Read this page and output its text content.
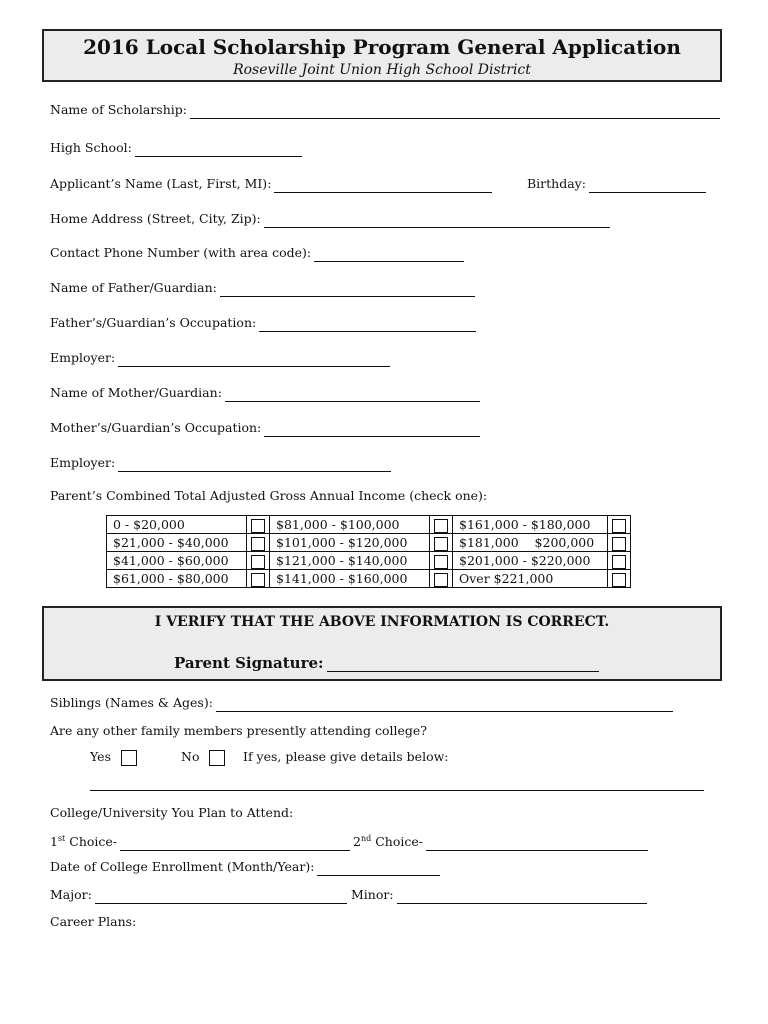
2016 Local Scholarship Program General Application
Roseville Joint Union High School District
Name of Scholarship:
High School:
Applicant’s Name (Last, First, MI):	Birthday:
Home Address (Street, City, Zip):
Contact Phone Number (with area code):
Name of Father/Guardian:
Father’s/Guardian’s Occupation:
Employer:
Name of Mother/Guardian:
Mother’s/Guardian’s Occupation:
Employer:
Parent’s Combined Total Adjusted Gross Annual Income (check one):
0 - $20,000		$81,000 - $100,000		$161,000 - $180,000	
$21,000 - $40,000		$101,000 - $120,000		$181,000    $200,000	
$41,000 - $60,000		$121,000 - $140,000		$201,000 - $220,000	
$61,000 - $80,000		$141,000 - $160,000		Over $221,000	
I VERIFY THAT THE ABOVE INFORMATION IS CORRECT.
Parent Signature:
Siblings (Names & Ages):
Are any other family members presently attending college?
Yes	No	If yes, please give details below:
College/University You Plan to Attend:
1st Choice-	2nd Choice-
Date of College Enrollment (Month/Year):
Major:	Minor:
Career Plans:
